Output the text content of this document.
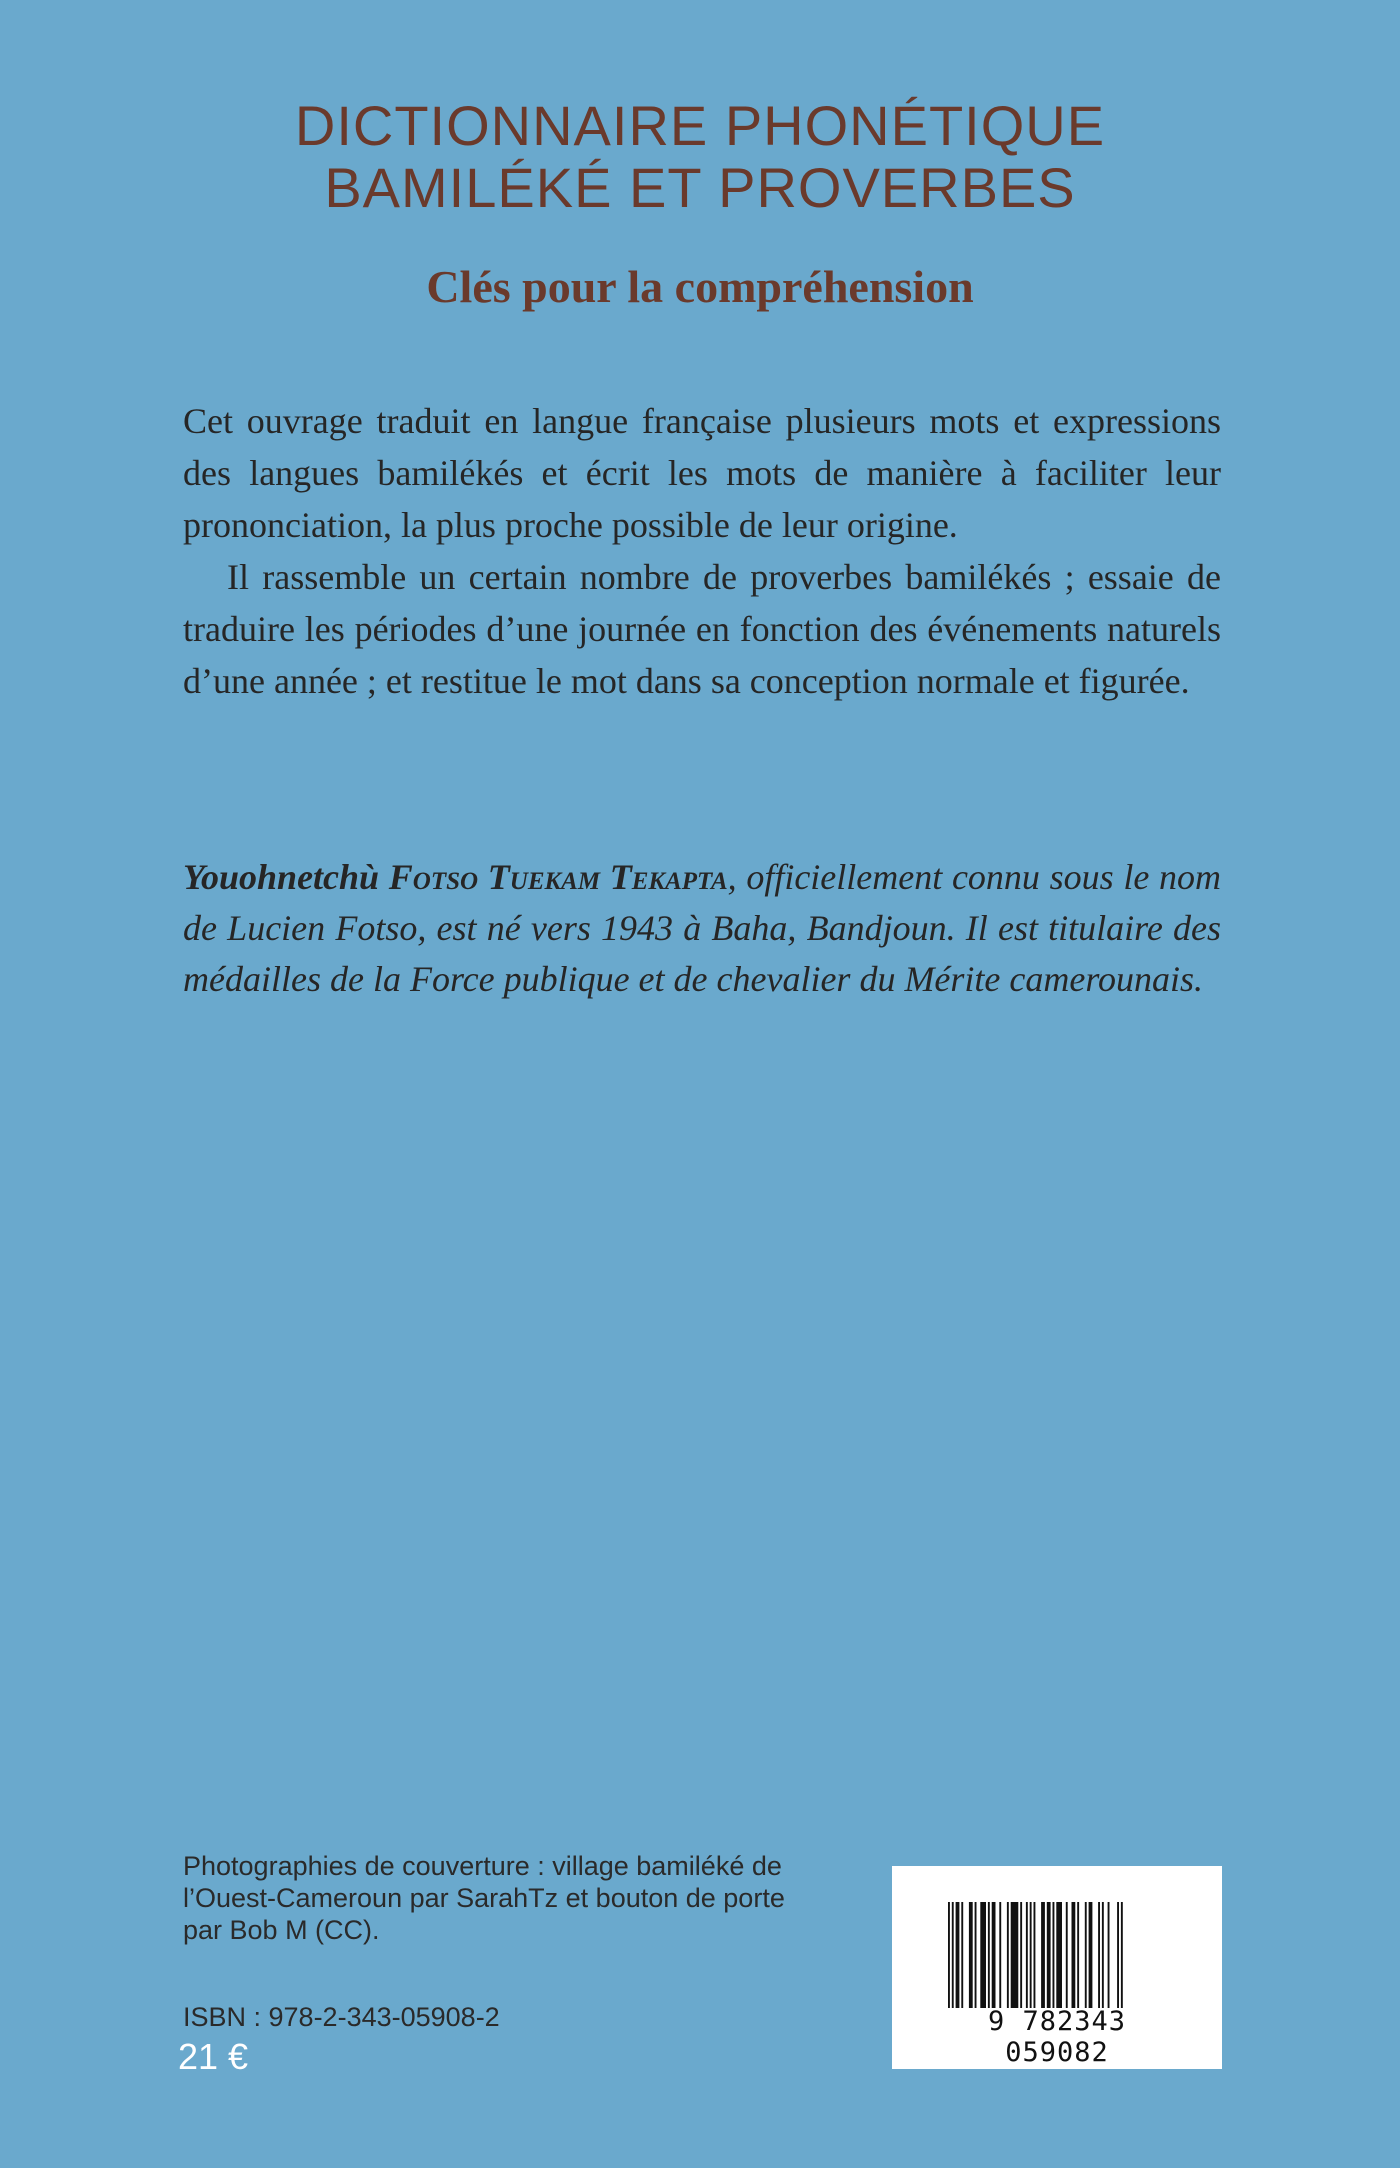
DICTIONNAIRE PHONÉTIQUE
BAMILÉKÉ ET PROVERBES
Clés pour la compréhension

Cet ouvrage traduit en langue française plusieurs mots et expressions des langues bamilékés et écrit les mots de manière à faciliter leur prononciation, la plus proche possible de leur origine.

Il rassemble un certain nombre de proverbes bamilékés ; essaie de traduire les périodes d’une journée en fonction des événements naturels d’une année ; et restitue le mot dans sa conception normale et figurée.

Youohnetchù Fotso Tuekam Tekapta, officiellement connu sous le nom de Lucien Fotso, est né vers 1943 à Baha, Bandjoun. Il est titulaire des médailles de la Force publique et de chevalier du Mérite camerounais.
Photographies de couverture : village bamiléké de l’Ouest-Cameroun par SarahTz et bouton de porte par Bob M (CC).
ISBN : 978-2-343-05908-2
21 €
9 782343 059082
